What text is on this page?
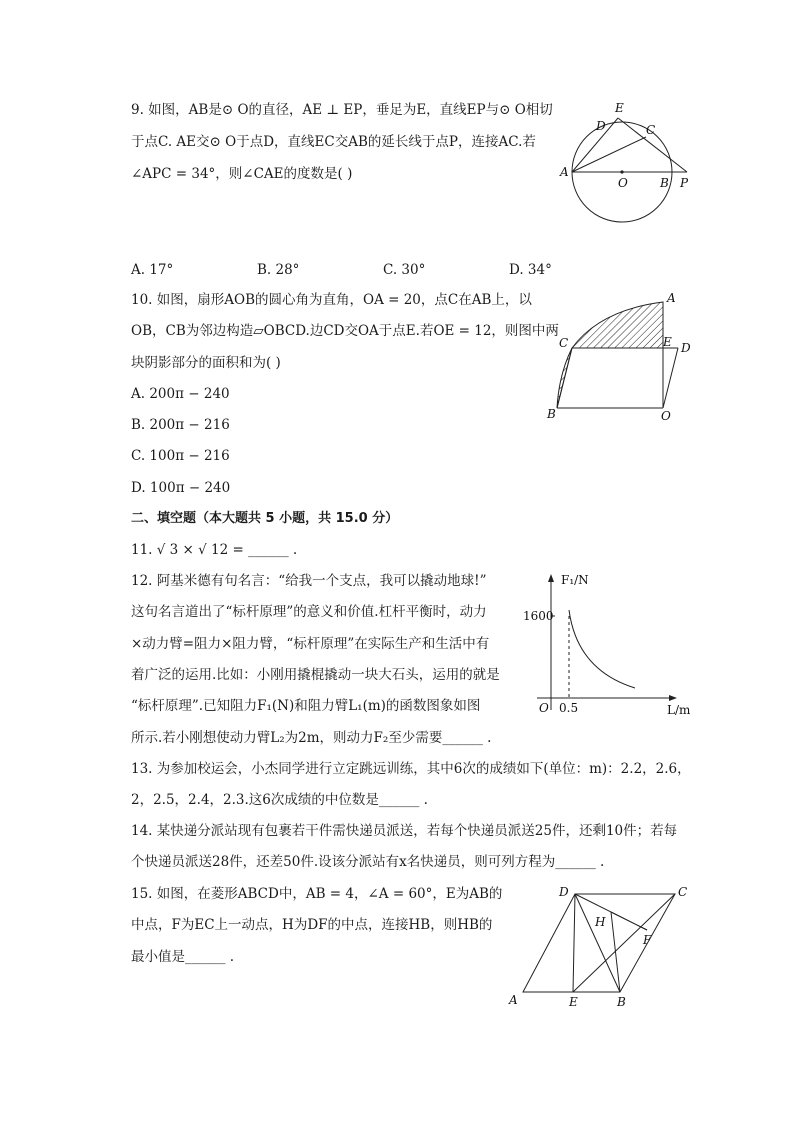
9. 如图，AB是⊙ O的直径，AE ⊥ EP，垂足为E，直线EP与⊙ O相切
于点C. AE交⊙ O于点D，直线EC交AB的延长线于点P，连接AC.若
∠APC = 34°，则∠CAE的度数是( )
E
D	C
A
O	B P
A. 17°	B. 28°	C. 30°	D. 34°
10. 如图，扇形AOB的圆心角为直角，OA = 20，点C在AB上，以
OB，CB为邻边构造▱OBCD.边CD交OA于点E.若OE = 12，则图中两
块阴影部分的面积和为( )
A. 200π − 240
B. 200π − 216
C. 100π − 216
D. 100π − 240
A
C	E D
B	O
二、填空题（本大题共 5 小题，共 15.0 分）
11. √ 3 × √ 12 = ______ .
12. 阿基米德有句名言：“给我一个支点，我可以撬动地球!”
这句名言道出了“标杆原理”的意义和价值.杠杆平衡时，动力
×动力臂=阻力×阻力臂，“标杆原理”在实际生产和生活中有
着广泛的运用.比如：小刚用撬棍撬动一块大石头，运用的就是
“标杆原理”.已知阻力F₁(N)和阻力臂L₁(m)的函数图象如图
所示.若小刚想使动力臂L₂为2m，则动力F₂至少需要______ .
F₁/N
1600
O 0.5	L/m
13. 为参加校运会，小杰同学进行立定跳远训练，其中6次的成绩如下(单位：m)：2.2，2.6，
2，2.5，2.4，2.3.这6次成绩的中位数是______ .
14. 某快递分派站现有包裹若干件需快递员派送，若每个快递员派送25件，还剩10件；若每
个快递员派送28件，还差50件.设该分派站有x名快递员，则可列方程为______ .
15. 如图，在菱形ABCD中，AB = 4，∠A = 60°，E为AB的
中点，F为EC上一动点，H为DF的中点，连接HB，则HB的
最小值是______ .
D	C
H
F
A	E	B
